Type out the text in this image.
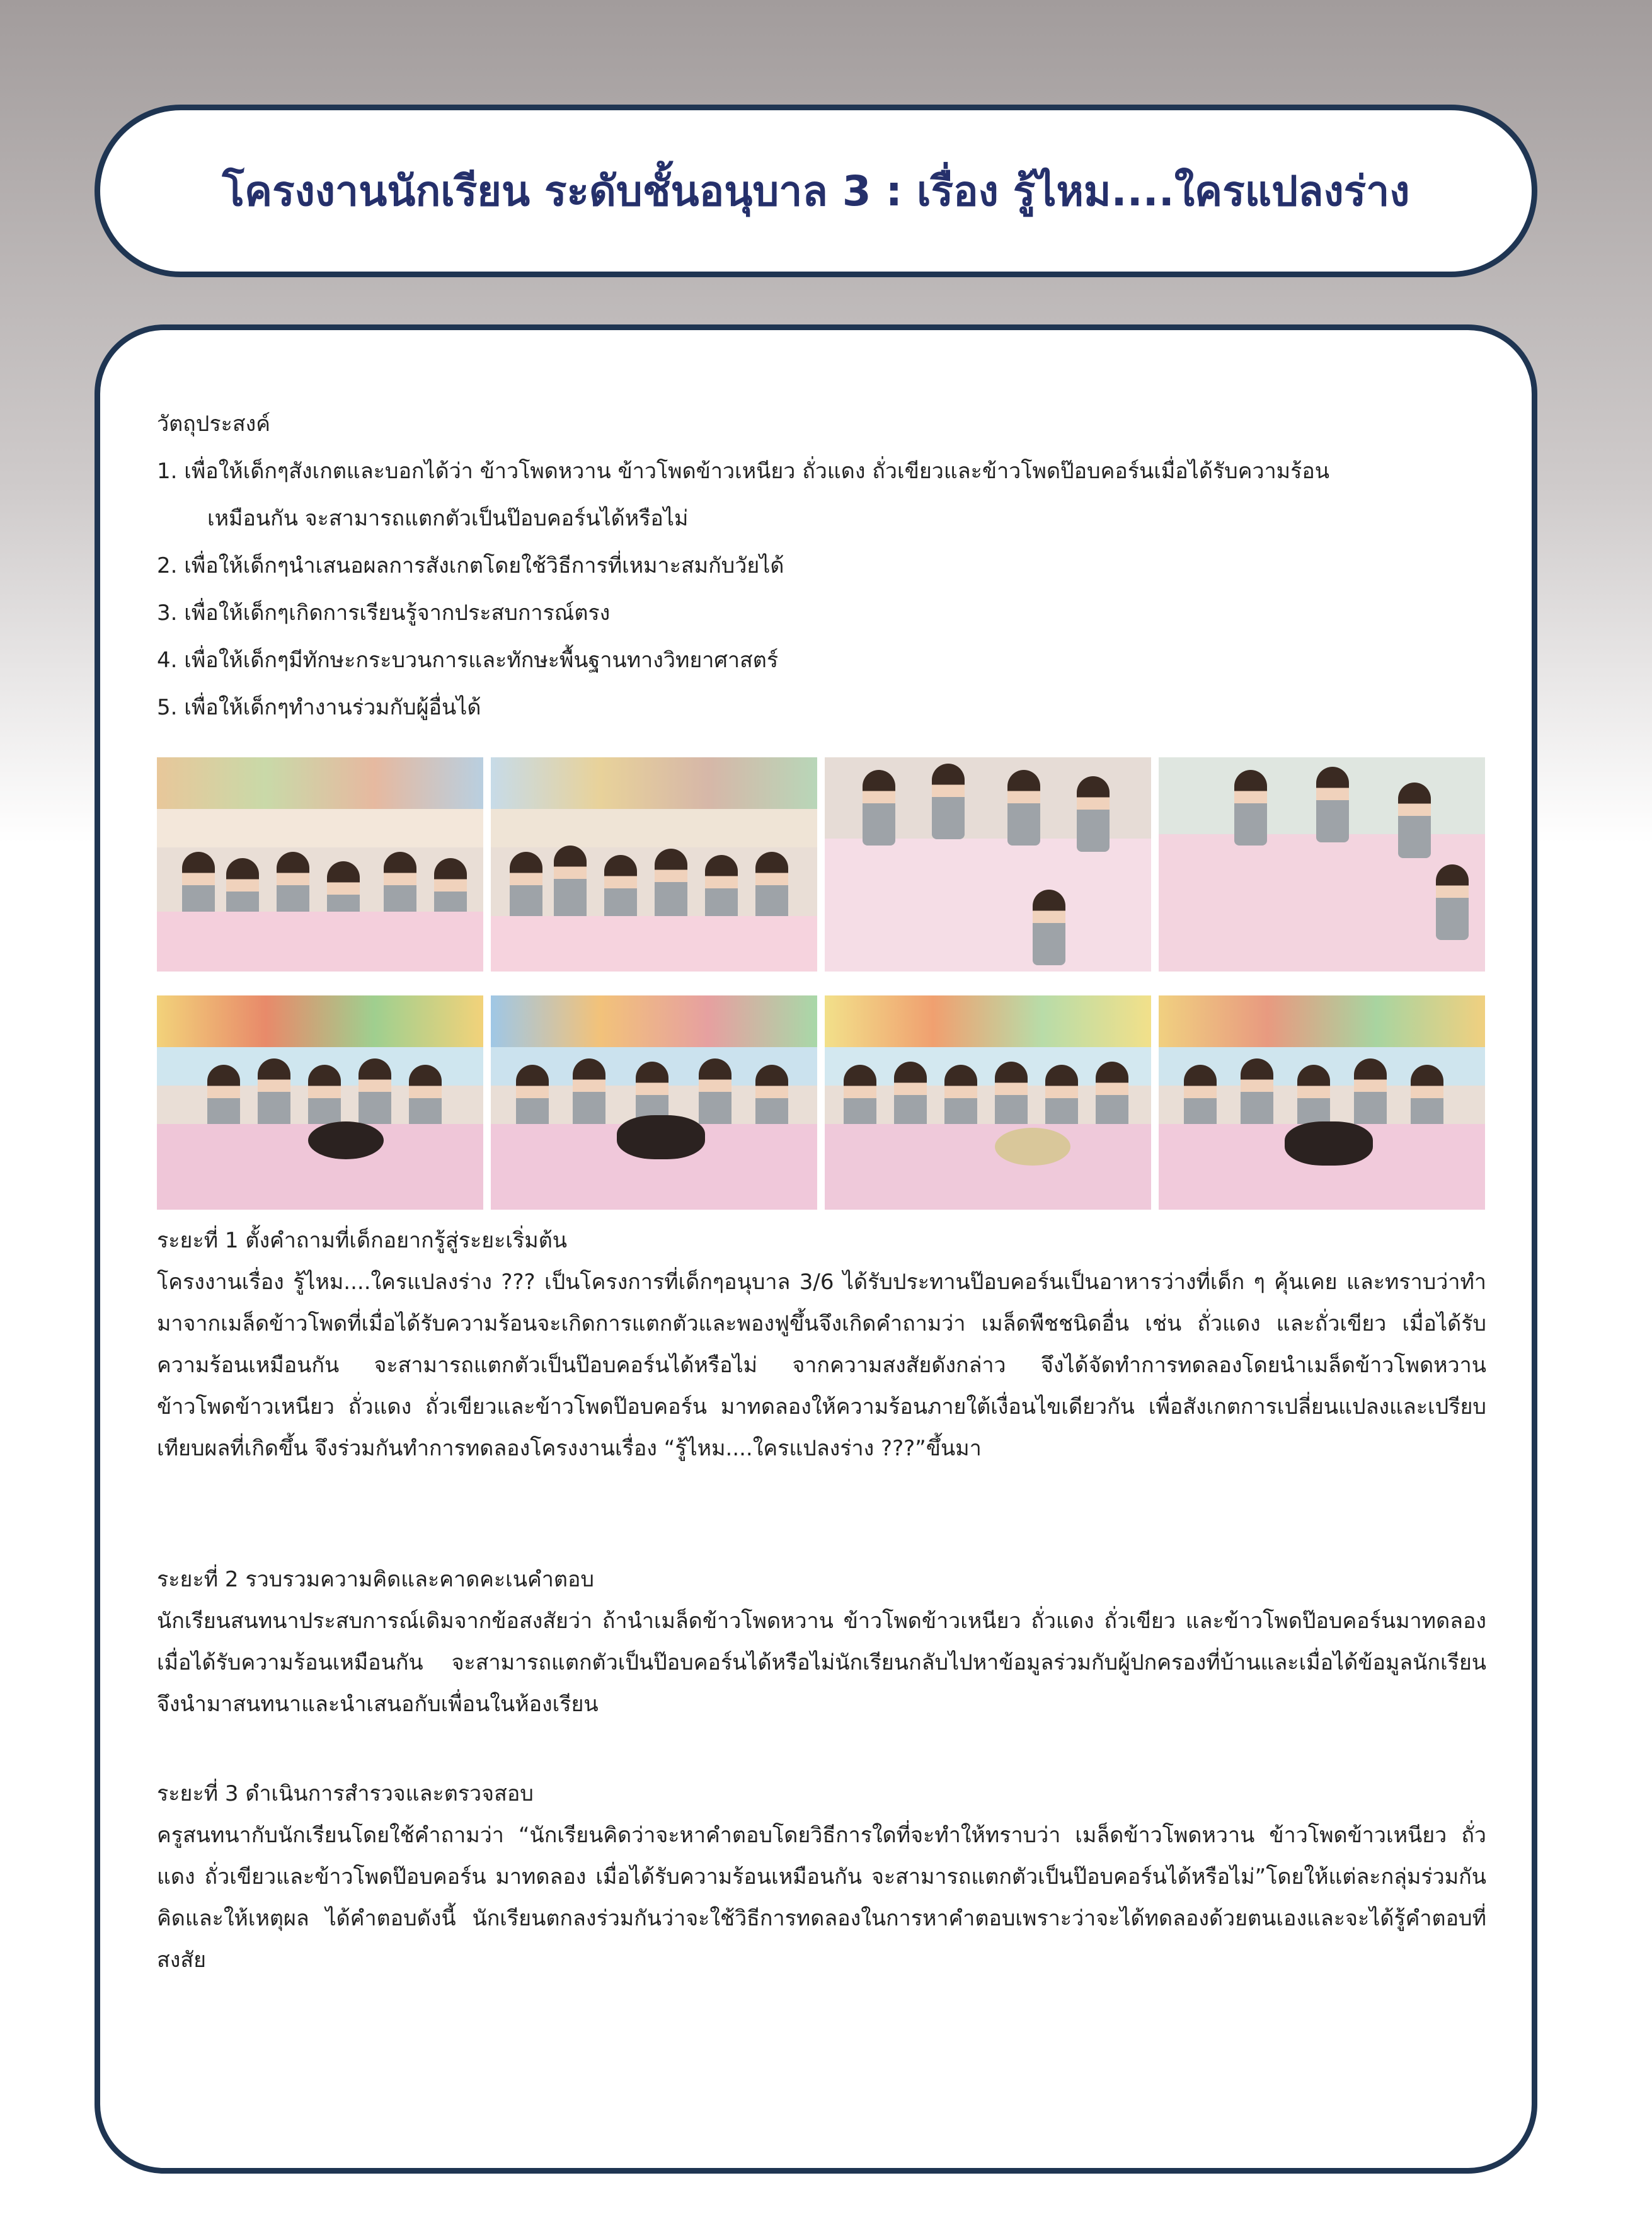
โครงงานนักเรียน ระดับชั้นอนุบาล 3 : เรื่อง รู้ไหม....ใครแปลงร่าง
วัตถุประสงค์
1. เพื่อให้เด็กๆสังเกตและบอกได้ว่า ข้าวโพดหวาน ข้าวโพดข้าวเหนียว ถั่วแดง ถั่วเขียวและข้าวโพดป๊อบคอร์นเมื่อได้รับความร้อน
เหมือนกัน จะสามารถแตกตัวเป็นป๊อบคอร์นได้หรือไม่
2. เพื่อให้เด็กๆนำเสนอผลการสังเกตโดยใช้วิธีการที่เหมาะสมกับวัยได้
3. เพื่อให้เด็กๆเกิดการเรียนรู้จากประสบการณ์ตรง
4. เพื่อให้เด็กๆมีทักษะกระบวนการและทักษะพื้นฐานทางวิทยาศาสตร์
5. เพื่อให้เด็กๆทำงานร่วมกับผู้อื่นได้
ระยะที่ 1 ตั้งคำถามที่เด็กอยากรู้สู่ระยะเริ่มต้น
โครงงานเรื่อง รู้ไหม....ใครแปลงร่าง ??? เป็นโครงการที่เด็กๆอนุบาล 3/6 ได้รับประทานป๊อบคอร์นเป็นอาหารว่างที่เด็ก ๆ คุ้นเคย และทราบว่าทำมาจากเมล็ดข้าวโพดที่เมื่อได้รับความร้อนจะเกิดการแตกตัวและพองฟูขึ้นจึงเกิดคำถามว่า เมล็ดพืชชนิดอื่น เช่น ถั่วแดง และถั่วเขียว เมื่อได้รับความร้อนเหมือนกัน จะสามารถแตกตัวเป็นป๊อบคอร์นได้หรือไม่ จากความสงสัยดังกล่าว จึงได้จัดทำการทดลองโดยนำเมล็ดข้าวโพดหวาน ข้าวโพดข้าวเหนียว ถั่วแดง ถั่วเขียวและข้าวโพดป๊อบคอร์น มาทดลองให้ความร้อนภายใต้เงื่อนไขเดียวกัน เพื่อสังเกตการเปลี่ยนแปลงและเปรียบเทียบผลที่เกิดขึ้น จึงร่วมกันทำการทดลองโครงงานเรื่อง “รู้ไหม....ใครแปลงร่าง ???”ขึ้นมา
ระยะที่ 2 รวบรวมความคิดและคาดคะเนคำตอบ
นักเรียนสนทนาประสบการณ์เดิมจากข้อสงสัยว่า ถ้านำเมล็ดข้าวโพดหวาน ข้าวโพดข้าวเหนียว ถั่วแดง ถั่วเขียว และข้าวโพดป๊อบคอร์นมาทดลอง เมื่อได้รับความร้อนเหมือนกัน จะสามารถแตกตัวเป็นป๊อบคอร์นได้หรือไม่นักเรียนกลับไปหาข้อมูลร่วมกับผู้ปกครองที่บ้านและเมื่อได้ข้อมูลนักเรียนจึงนำมาสนทนาและนำเสนอกับเพื่อนในห้องเรียน
ระยะที่ 3 ดำเนินการสำรวจและตรวจสอบ
ครูสนทนากับนักเรียนโดยใช้คำถามว่า “นักเรียนคิดว่าจะหาคำตอบโดยวิธีการใดที่จะทำให้ทราบว่า เมล็ดข้าวโพดหวาน ข้าวโพดข้าวเหนียว ถั่วแดง ถั่วเขียวและข้าวโพดป๊อบคอร์น มาทดลอง เมื่อได้รับความร้อนเหมือนกัน จะสามารถแตกตัวเป็นป๊อบคอร์นได้หรือไม่”โดยให้แต่ละกลุ่มร่วมกันคิดและให้เหตุผล ได้คำตอบดังนี้ นักเรียนตกลงร่วมกันว่าจะใช้วิธีการทดลองในการหาคำตอบเพราะว่าจะได้ทดลองด้วยตนเองและจะได้รู้คำตอบที่สงสัย
